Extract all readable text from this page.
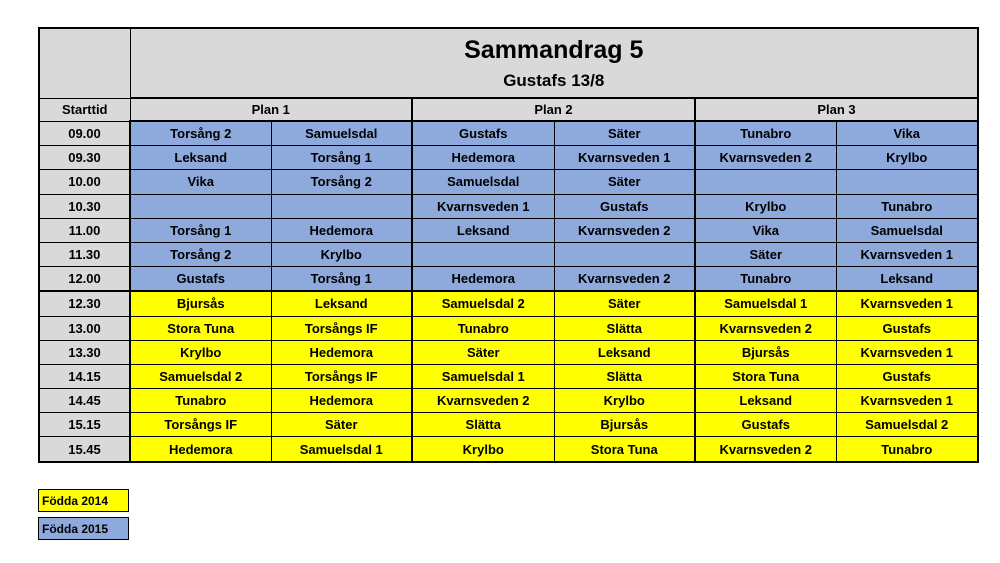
	Sammandrag 5
Gustafs 13/8					

Starttid	Plan 1		Plan 2		Plan 3	
09.00	Torsång 2	Samuelsdal	Gustafs	Säter	Tunabro	Vika
09.30	Leksand	Torsång 1	Hedemora	Kvarnsveden 1	Kvarnsveden 2	Krylbo
10.00	Vika	Torsång 2	Samuelsdal	Säter		
10.30			Kvarnsveden 1	Gustafs	Krylbo	Tunabro
11.00	Torsång 1	Hedemora	Leksand	Kvarnsveden 2	Vika	Samuelsdal
11.30	Torsång 2	Krylbo			Säter	Kvarnsveden 1
12.00	Gustafs	Torsång 1	Hedemora	Kvarnsveden 2	Tunabro	Leksand
12.30	Bjursås	Leksand	Samuelsdal 2	Säter	Samuelsdal 1	Kvarnsveden 1
13.00	Stora Tuna	Torsångs IF	Tunabro	Slätta	Kvarnsveden 2	Gustafs
13.30	Krylbo	Hedemora	Säter	Leksand	Bjursås	Kvarnsveden 1
14.15	Samuelsdal 2	Torsångs IF	Samuelsdal 1	Slätta	Stora Tuna	Gustafs
14.45	Tunabro	Hedemora	Kvarnsveden 2	Krylbo	Leksand	Kvarnsveden 1
15.15	Torsångs IF	Säter	Slätta	Bjursås	Gustafs	Samuelsdal 2
15.45	Hedemora	Samuelsdal 1	Krylbo	Stora Tuna	Kvarnsveden 2	Tunabro
Födda 2014
Födda 2015
